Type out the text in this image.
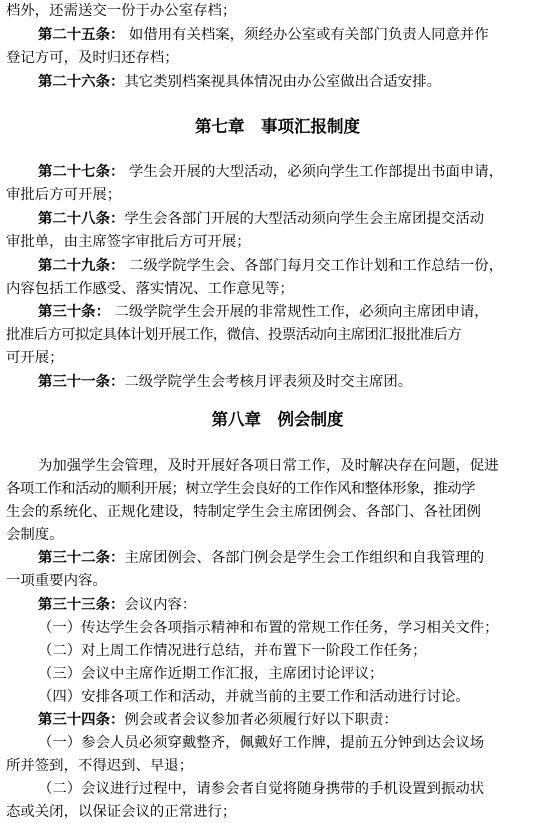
档外，还需送交一份于办公室存档；
第二十五条： 如借用有关档案，须经办公室或有关部门负责人同意并作
登记方可，及时归还存档；
第二十六条：其它类别档案视具体情况由办公室做出合适安排。
第七章　事项汇报制度
第二十七条： 学生会开展的大型活动，必须向学生工作部提出书面申请，
审批后方可开展；
第二十八条：学生会各部门开展的大型活动须向学生会主席团提交活动
审批单，由主席签字审批后方可开展；
第二十九条： 二级学院学生会、各部门每月交工作计划和工作总结一份，
内容包括工作感受、落实情况、工作意见等；
第三十条： 二级学院学生会开展的非常规性工作，必须向主席团申请，
批准后方可拟定具体计划开展工作，微信、投票活动向主席团汇报批准后方
可开展；
第三十一条：二级学院学生会考核月评表须及时交主席团。
第八章　例会制度
为加强学生会管理，及时开展好各项日常工作，及时解决存在问题，促进
各项工作和活动的顺利开展；树立学生会良好的工作作风和整体形象，推动学
生会的系统化、正规化建设，特制定学生会主席团例会、各部门、各社团例
会制度。
第三十二条：主席团例会、各部门例会是学生会工作组织和自我管理的
一项重要内容。
第三十三条：会议内容：
（一）传达学生会各项指示精神和布置的常规工作任务，学习相关文件；
（二）对上周工作情况进行总结，并布置下一阶段工作任务；
（三）会议中主席作近期工作汇报，主席团讨论评议；
（四）安排各项工作和活动，并就当前的主要工作和活动进行讨论。
第三十四条：例会或者会议参加者必须履行好以下职责：
（一）参会人员必须穿戴整齐，佩戴好工作牌，提前五分钟到达会议场
所并签到，不得迟到、早退；
（二）会议进行过程中，请参会者自觉将随身携带的手机设置到振动状
态或关闭，以保证会议的正常进行；
